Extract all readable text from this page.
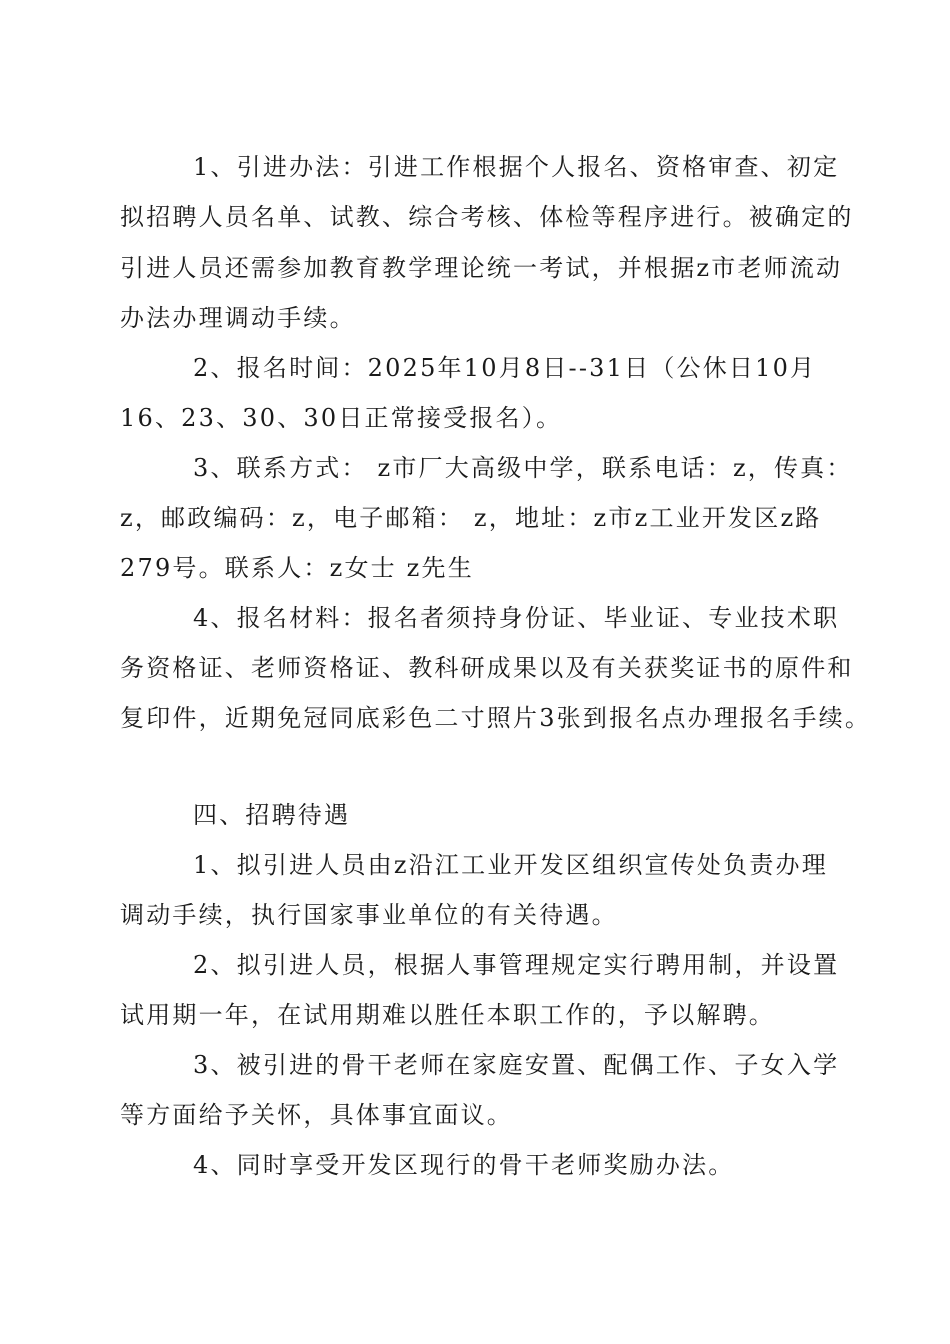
1、引进办法：引进工作根据个人报名、资格审查、初定
拟招聘人员名单、试教、综合考核、体检等程序进行。被确定的
引进人员还需参加教育教学理论统一考试，并根据z市老师流动
办法办理调动手续。
2、报名时间：2025年10月8日--31日（公休日10月
16、23、30、30日正常接受报名）。
3、联系方式： z市厂大高级中学，联系电话：z，传真：
z，邮政编码：z，电子邮箱： z，地址：z市z工业开发区z路
279号。联系人：z女士 z先生
4、报名材料：报名者须持身份证、毕业证、专业技术职
务资格证、老师资格证、教科研成果以及有关获奖证书的原件和
复印件，近期免冠同底彩色二寸照片3张到报名点办理报名手续。
四、招聘待遇
1、拟引进人员由z沿江工业开发区组织宣传处负责办理
调动手续，执行国家事业单位的有关待遇。
2、拟引进人员，根据人事管理规定实行聘用制，并设置
试用期一年，在试用期难以胜任本职工作的，予以解聘。
3、被引进的骨干老师在家庭安置、配偶工作、子女入学
等方面给予关怀，具体事宜面议。
4、同时享受开发区现行的骨干老师奖励办法。
